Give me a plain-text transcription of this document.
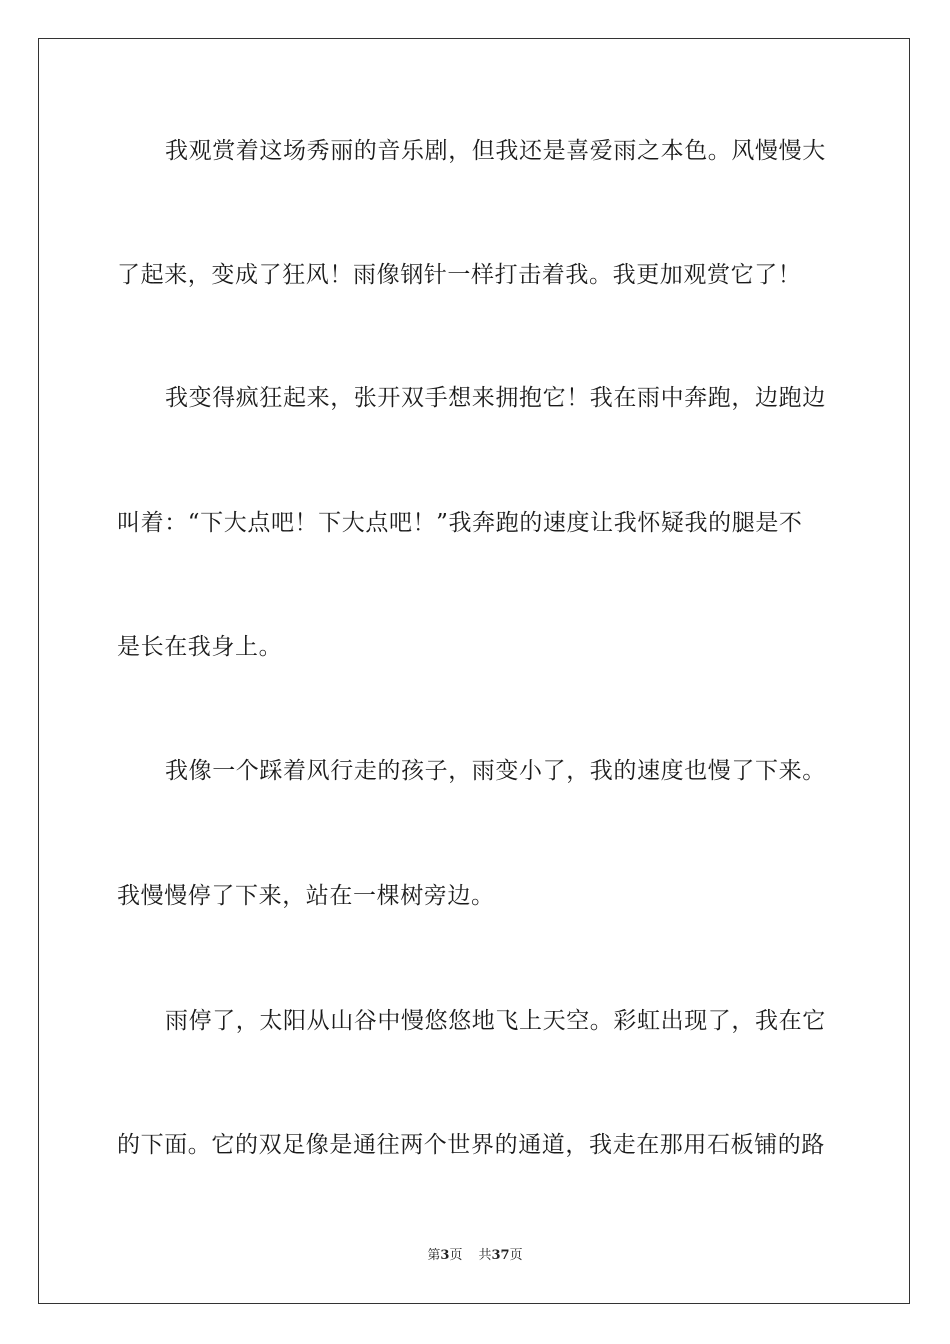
我观赏着这场秀丽的音乐剧，但我还是喜爱雨之本色。风慢慢大
了起来，变成了狂风！雨像钢针一样打击着我。我更加观赏它了！
我变得疯狂起来，张开双手想来拥抱它！我在雨中奔跑，边跑边
叫着：“下大点吧！下大点吧！”我奔跑的速度让我怀疑我的腿是不
是长在我身上。
我像一个踩着风行走的孩子，雨变小了，我的速度也慢了下来。
我慢慢停了下来，站在一棵树旁边。
雨停了，太阳从山谷中慢悠悠地飞上天空。彩虹出现了，我在它
的下面。它的双足像是通往两个世界的通道，我走在那用石板铺的路
第3页 共37页
